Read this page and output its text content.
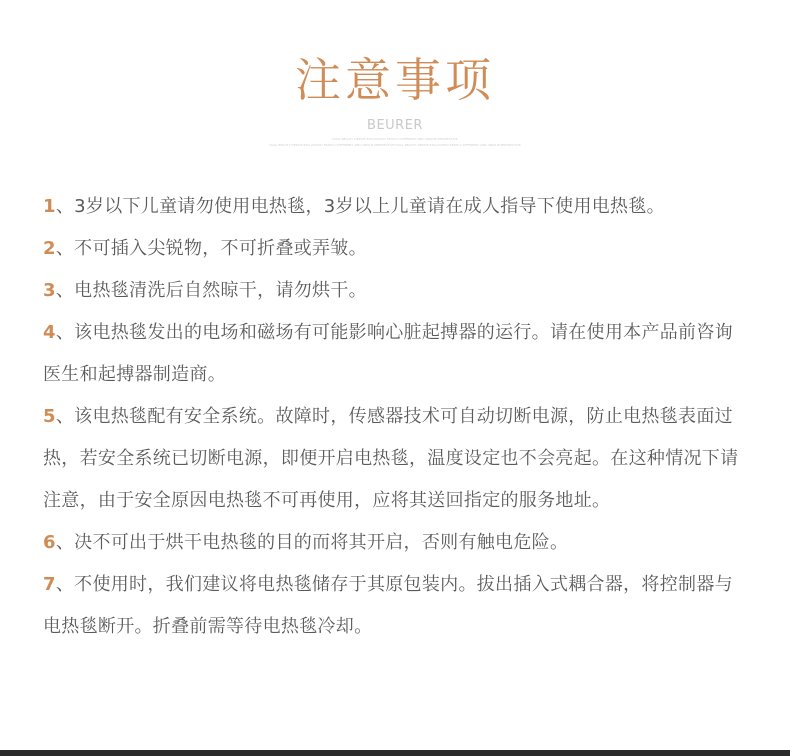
注意事项
BEURER
DUAL BEAUTY DERIVE EXCLUSIVELY FROM A DIFFERENT AND UNIQUE PERSPECTIVE
DUAL BEAUTY DERIVE EXCLUSIVELY FROM A DIFFERENT AND UNIQUE PERSPECTIVE DUAL BEAUTY DERIVE EXCLUSIVELY FROM A DIFFERENT AND UNIQUE PERSPECTIVE
1、3岁以下儿童请勿使用电热毯，3岁以上儿童请在成人指导下使用电热毯。
2、不可插入尖锐物，不可折叠或弄皱。
3、电热毯清洗后自然晾干，请勿烘干。
4、该电热毯发出的电场和磁场有可能影响心脏起搏器的运行。请在使用本产品前咨询医生和起搏器制造商。
5、该电热毯配有安全系统。故障时，传感器技术可自动切断电源，防止电热毯表面过热，若安全系统已切断电源，即便开启电热毯，温度设定也不会亮起。在这种情况下请注意，由于安全原因电热毯不可再使用，应将其送回指定的服务地址。
6、决不可出于烘干电热毯的目的而将其开启，否则有触电危险。
7、不使用时，我们建议将电热毯储存于其原包装内。拔出插入式耦合器，将控制器与电热毯断开。折叠前需等待电热毯冷却。
